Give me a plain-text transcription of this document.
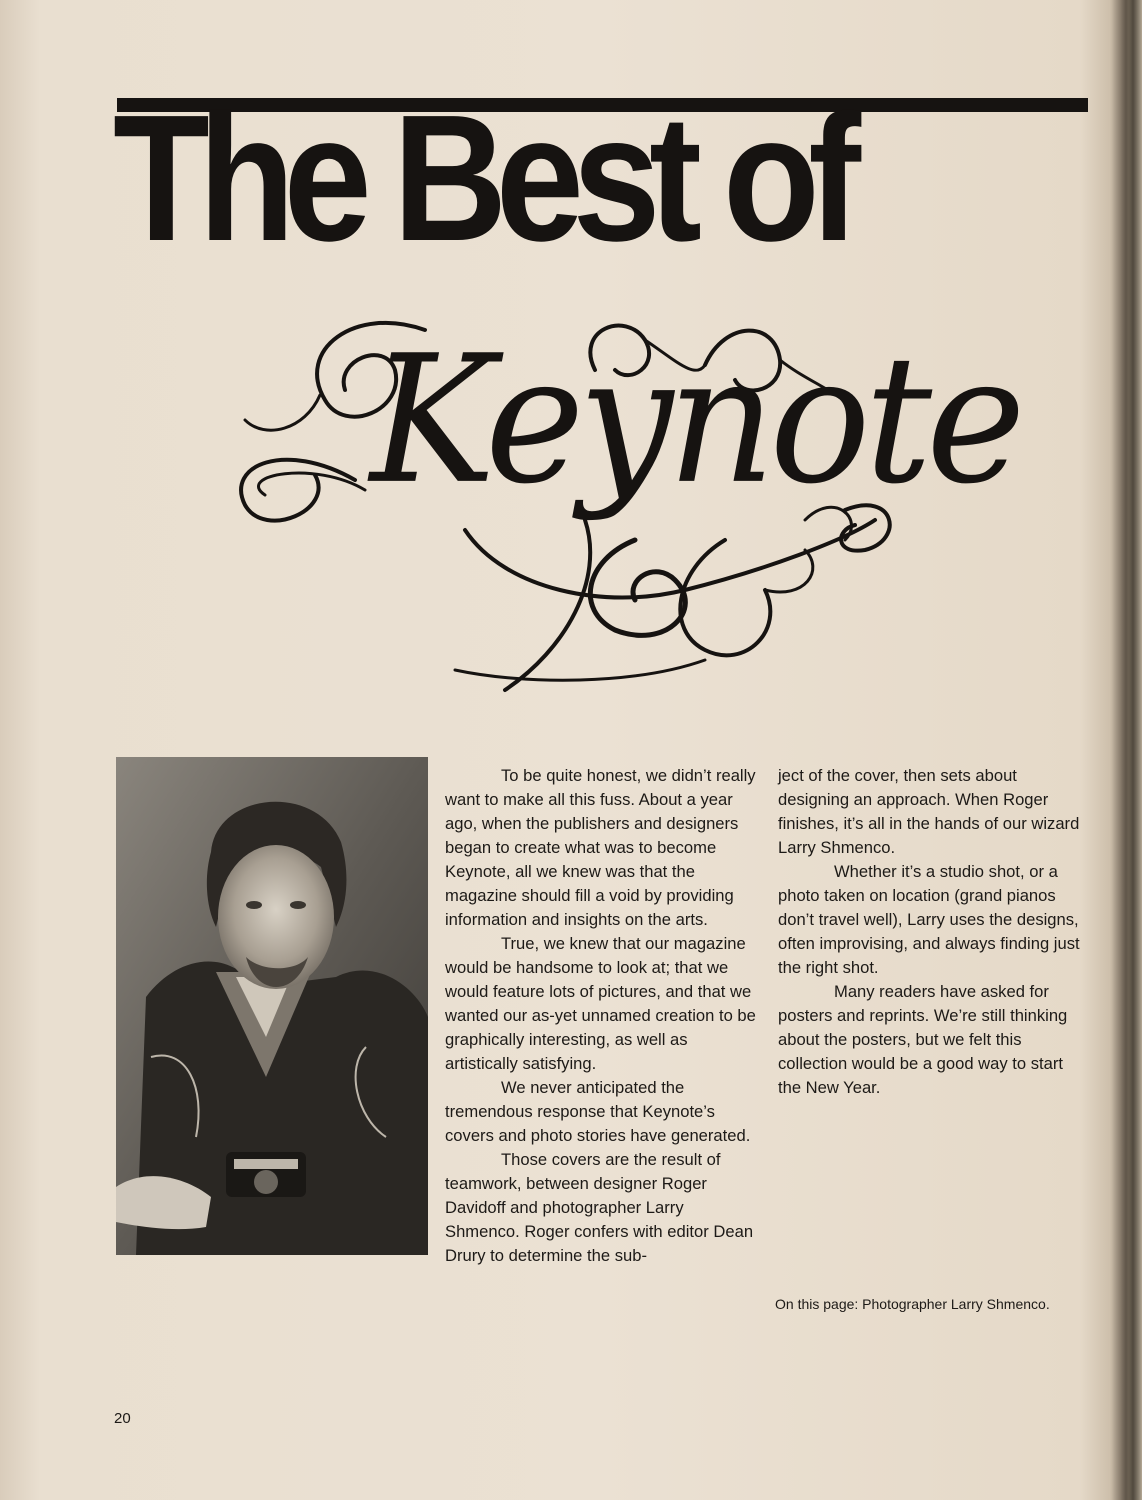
The Best of
Keynote

To be quite honest, we didn’t really want to make all this fuss. About a year ago, when the publishers and designers began to create what was to become Keynote, all we knew was that the magazine should fill a void by providing information and insights on the arts.

True, we knew that our magazine would be handsome to look at; that we would feature lots of pictures, and that we wanted our as-yet unnamed creation to be graphically interesting, as well as artistically satisfying.

We never anticipated the tremendous response that Keynote’s covers and photo stories have generated.

Those covers are the result of teamwork, between designer Roger Davidoff and photographer Larry Shmenco. Roger confers with editor Dean Drury to determine the sub-

ject of the cover, then sets about designing an approach. When Roger finishes, it’s all in the hands of our wizard Larry Shmenco.

Whether it’s a studio shot, or a photo taken on location (grand pianos don’t travel well), Larry uses the designs, often improvising, and always finding just the right shot.

Many readers have asked for posters and reprints. We’re still thinking about the posters, but we felt this collection would be a good way to start the New Year.

On this page: Photographer Larry Shmenco.
20
